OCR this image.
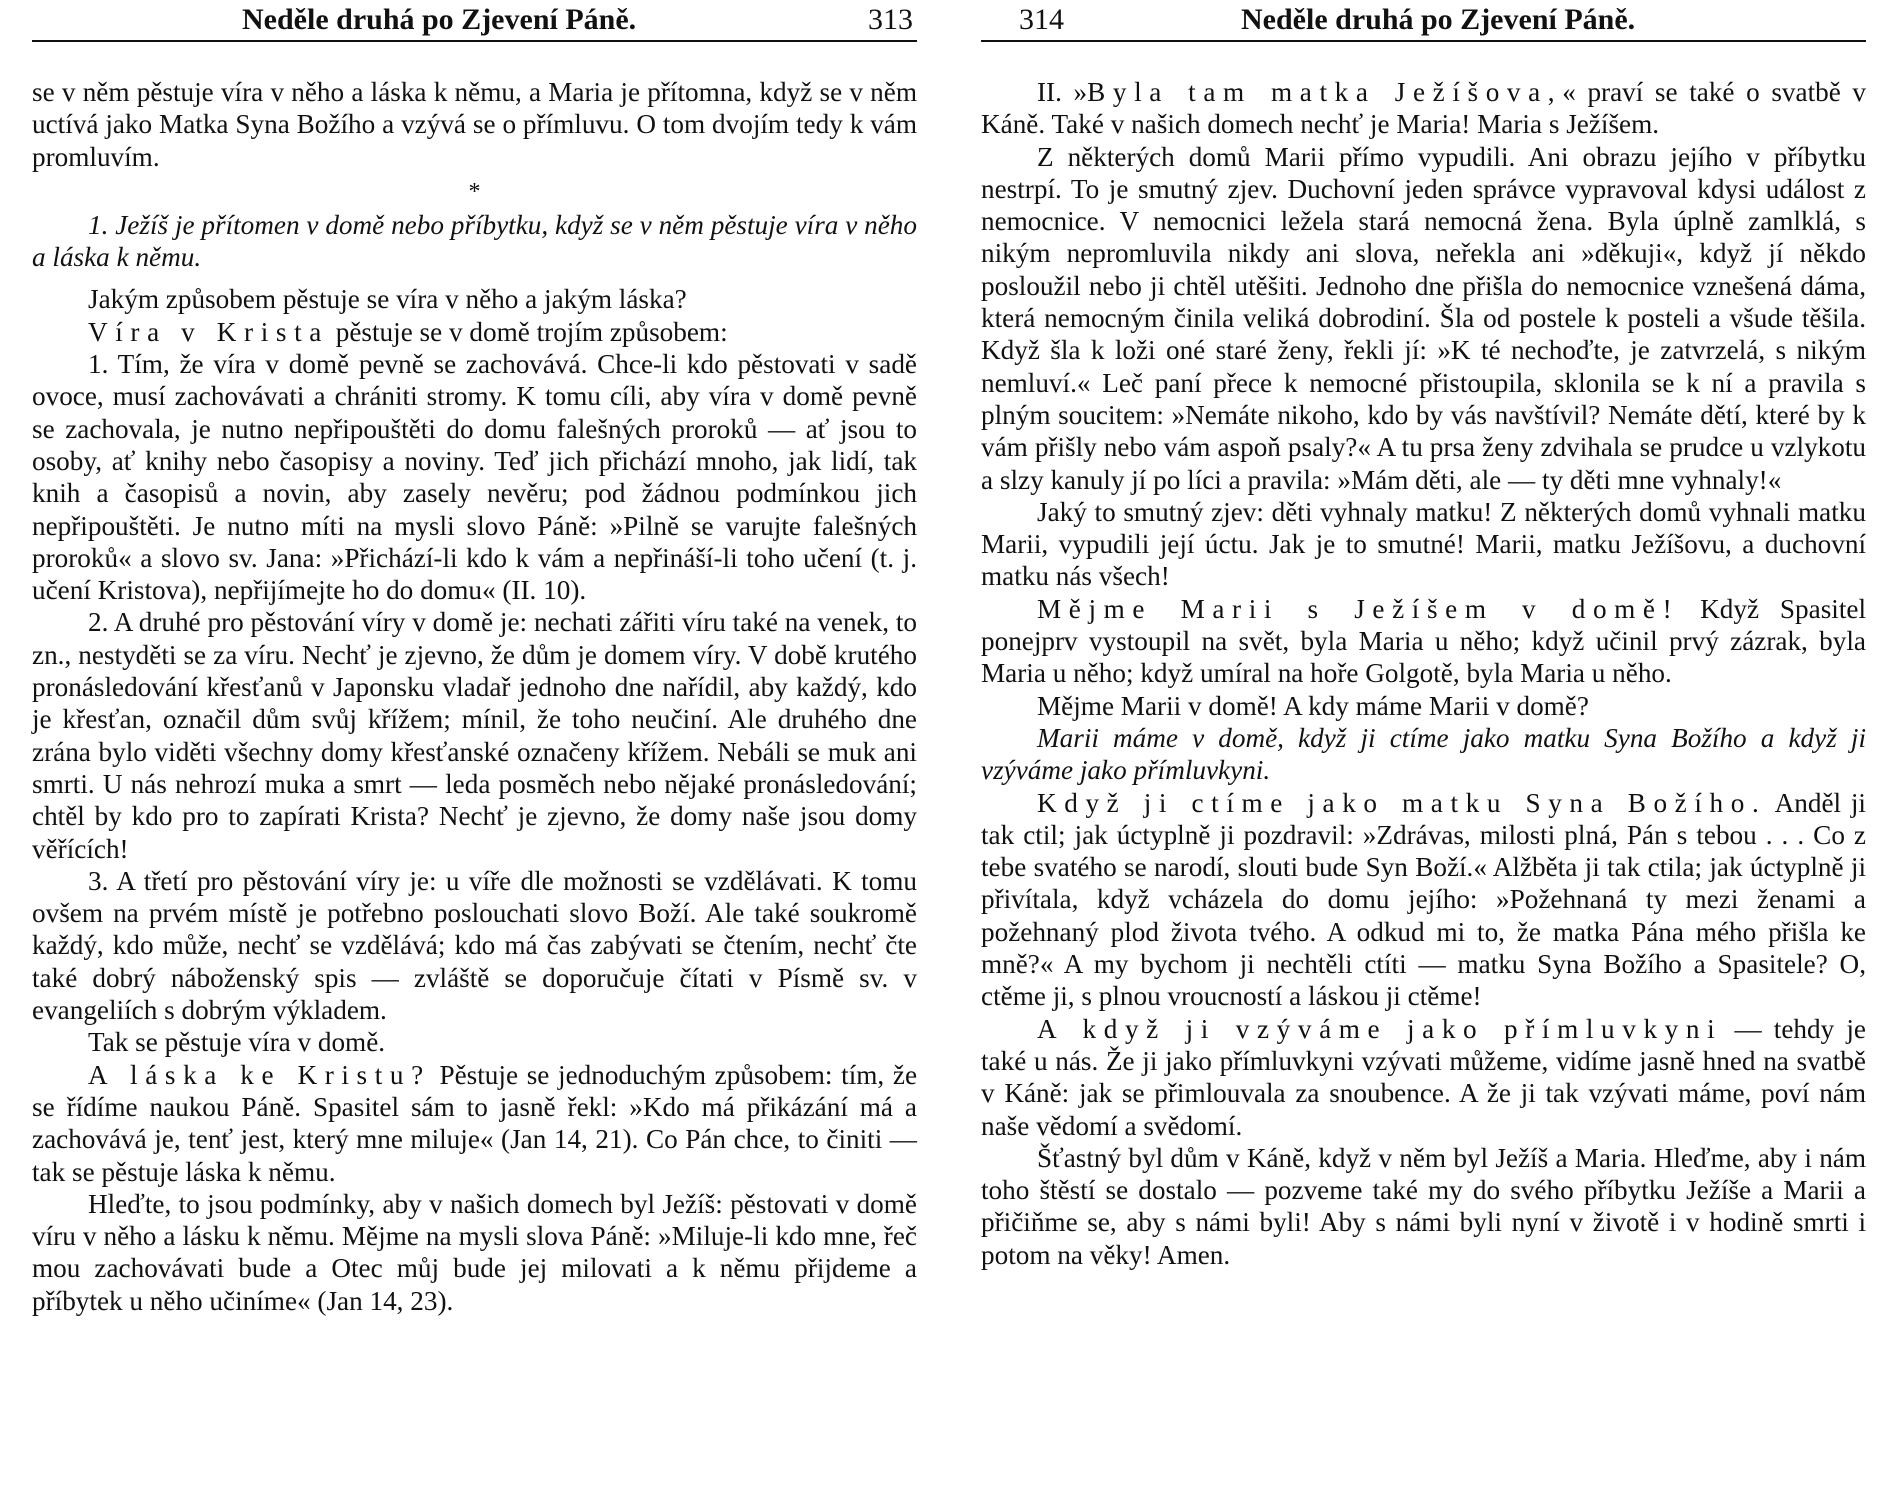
Neděle druhá po Zjevení Páně.	313

se v něm pěstuje víra v něho a láska k němu, a Maria je přítomna, když se v něm uctívá jako Matka Syna Božího a vzývá se o přímluvu. O tom dvojím tedy k vám promluvím.

*

1. Ježíš je přítomen v domě nebo příbytku, když se v něm pěstuje víra v něho a láska k němu.

Jakým způsobem pěstuje se víra v něho a jakým láska?

Víra v Krista pěstuje se v domě trojím způsobem:

1. Tím, že víra v domě pevně se zachovává. Chce-li kdo pěstovati v sadě ovoce, musí zachovávati a chrániti stromy. K tomu cíli, aby víra v domě pevně se zachovala, je nutno nepřipouštěti do domu falešných proroků — ať jsou to osoby, ať knihy nebo časopisy a noviny. Teď jich přichází mnoho, jak lidí, tak knih a časopisů a novin, aby zasely nevěru; pod žádnou podmínkou jich nepřipouštěti. Je nutno míti na mysli slovo Páně: »Pilně se varujte falešných proroků« a slovo sv. Jana: »Přichází-li kdo k vám a nepřináší-li toho učení (t. j. učení Kristova), nepřijímejte ho do domu« (II. 10).

2. A druhé pro pěstování víry v domě je: nechati zářiti víru také na venek, to zn., nestyděti se za víru. Nechť je zjevno, že dům je domem víry. V době krutého pronásledování křesťanů v Japonsku vladař jednoho dne nařídil, aby každý, kdo je křesťan, označil dům svůj křížem; mínil, že toho neučiní. Ale druhého dne zrána bylo viděti všechny domy křesťanské označeny křížem. Nebáli se muk ani smrti. U nás nehrozí muka a smrt — leda posměch nebo nějaké pronásledování; chtěl by kdo pro to zapírati Krista? Nechť je zjevno, že domy naše jsou domy věřících!

3. A třetí pro pěstování víry je: u víře dle možnosti se vzdělávati. K tomu ovšem na prvém místě je potřebno poslouchati slovo Boží. Ale také soukromě každý, kdo může, nechť se vzdělává; kdo má čas zabývati se čtením, nechť čte také dobrý náboženský spis — zvláště se doporučuje čítati v Písmě sv. v evangeliích s dobrým výkladem.

Tak se pěstuje víra v domě.

A láska ke Kristu? Pěstuje se jednoduchým způsobem: tím, že se řídíme naukou Páně. Spasitel sám to jasně řekl: »Kdo má přikázání má a zachovává je, tenť jest, který mne miluje« (Jan 14, 21). Co Pán chce, to činiti — tak se pěstuje láska k němu.

Hleďte, to jsou podmínky, aby v našich domech byl Ježíš: pěstovati v domě víru v něho a lásku k němu. Mějme na mysli slova Páně: »Miluje-li kdo mne, řeč mou zachovávati bude a Otec můj bude jej milovati a k němu přijdeme a příbytek u něho učiníme« (Jan 14, 23).

314	Neděle druhá po Zjevení Páně.

II. »Byla tam matka Ježíšova,« praví se také o svatbě v Káně. Také v našich domech nechť je Maria! Maria s Ježíšem.

Z některých domů Marii přímo vypudili. Ani obrazu jejího v příbytku nestrpí. To je smutný zjev. Duchovní jeden správce vypravoval kdysi událost z nemocnice. V nemocnici ležela stará nemocná žena. Byla úplně zamlklá, s nikým nepromluvila nikdy ani slova, neřekla ani »děkuji«, když jí někdo posloužil nebo ji chtěl utěšiti. Jednoho dne přišla do nemocnice vznešená dáma, která nemocným činila veliká dobrodiní. Šla od postele k posteli a všude těšila. Když šla k loži oné staré ženy, řekli jí: »K té nechoďte, je zatvrzelá, s nikým nemluví.« Leč paní přece k nemocné přistoupila, sklonila se k ní a pravila s plným soucitem: »Nemáte nikoho, kdo by vás navštívil? Nemáte dětí, které by k vám přišly nebo vám aspoň psaly?« A tu prsa ženy zdvihala se prudce u vzlykotu a slzy kanuly jí po líci a pravila: »Mám děti, ale — ty děti mne vyhnaly!«

Jaký to smutný zjev: děti vyhnaly matku! Z některých domů vyhnali matku Marii, vypudili její úctu. Jak je to smutné! Marii, matku Ježíšovu, a duchovní matku nás všech!

Mějme Marii s Ježíšem v domě! Když Spasitel ponejprv vystoupil na svět, byla Maria u něho; když učinil prvý zázrak, byla Maria u něho; když umíral na hoře Golgotě, byla Maria u něho.

Mějme Marii v domě! A kdy máme Marii v domě?

Marii máme v domě, když ji ctíme jako matku Syna Božího a když ji vzýváme jako přímluvkyni.

Když ji ctíme jako matku Syna Božího. Anděl ji tak ctil; jak úctyplně ji pozdravil: »Zdrávas, milosti plná, Pán s tebou . . . Co z tebe svatého se narodí, slouti bude Syn Boží.« Alžběta ji tak ctila; jak úctyplně ji přivítala, když vcházela do domu jejího: »Požehnaná ty mezi ženami a požehnaný plod života tvého. A odkud mi to, že matka Pána mého přišla ke mně?« A my bychom ji nechtěli ctíti — matku Syna Božího a Spasitele? O, ctěme ji, s plnou vroucností a láskou ji ctěme!

A když ji vzýváme jako přímluvkyni — tehdy je také u nás. Že ji jako přímluvkyni vzývati můžeme, vidíme jasně hned na svatbě v Káně: jak se přimlouvala za snoubence. A že ji tak vzývati máme, poví nám naše vědomí a svědomí.

Šťastný byl dům v Káně, když v něm byl Ježíš a Maria. Hleďme, aby i nám toho štěstí se dostalo — pozveme také my do svého příbytku Ježíše a Marii a přičiňme se, aby s námi byli! Aby s námi byli nyní v životě i v hodině smrti i potom na věky! Amen.
